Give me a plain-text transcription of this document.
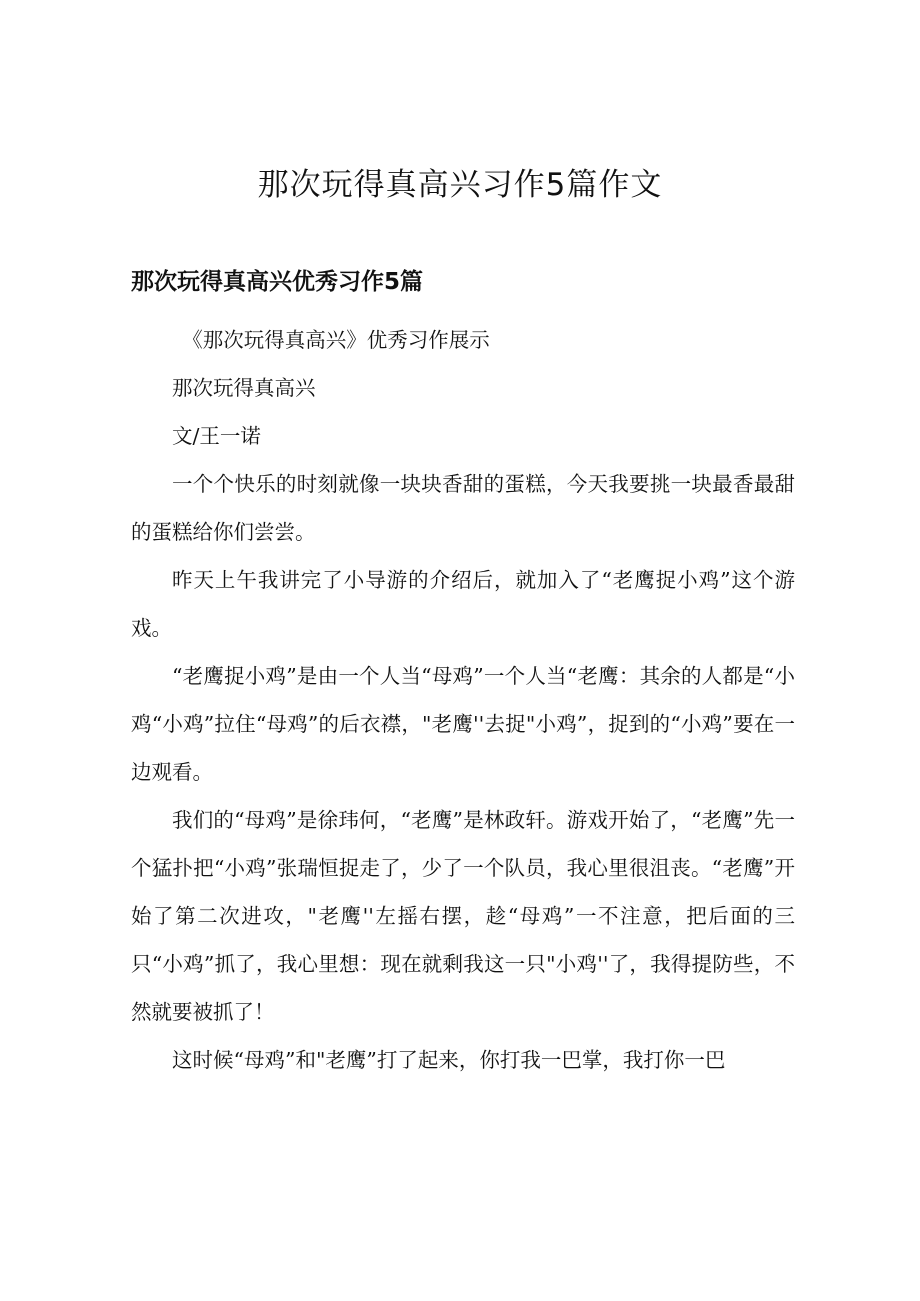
那次玩得真高兴习作5篇作文
那次玩得真高兴优秀习作5篇

《那次玩得真高兴》优秀习作展示

那次玩得真高兴

文/王一诺

一个个快乐的时刻就像一块块香甜的蛋糕，今天我要挑一块最香最甜的蛋糕给你们尝尝。

昨天上午我讲完了小导游的介绍后，就加入了“老鹰捉小鸡”这个游戏。

“老鹰捉小鸡”是由一个人当“母鸡”一个人当“老鹰：其余的人都是“小鸡“小鸡”拉住“母鸡”的后衣襟，"老鹰''去捉"小鸡”，捉到的“小鸡”要在一边观看。

我们的“母鸡”是徐玮何，“老鹰”是林政轩。游戏开始了，“老鹰”先一个猛扑把“小鸡”张瑞恒捉走了，少了一个队员，我心里很沮丧。“老鹰”开始了第二次进攻，"老鹰''左摇右摆，趁“母鸡”一不注意，把后面的三只“小鸡”抓了，我心里想：现在就剩我这一只"小鸡''了，我得提防些，不然就要被抓了！

这时候“母鸡”和"老鹰”打了起来，你打我一巴掌，我打你一巴
